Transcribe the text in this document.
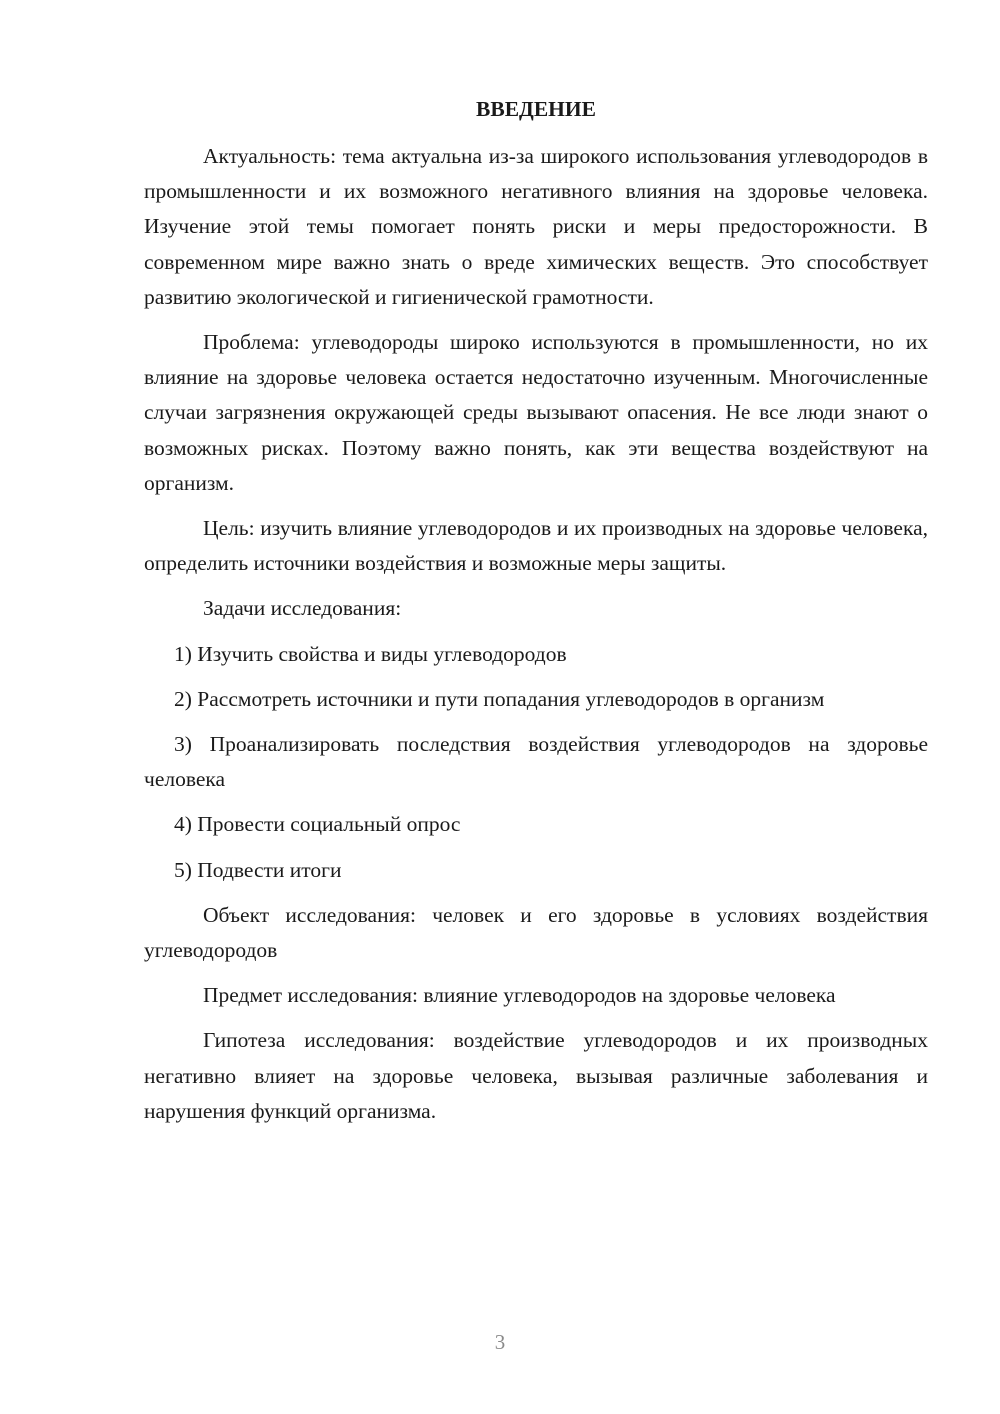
ВВЕДЕНИЕ

Актуальность: тема актуальна из-за широкого использования углеводородов в промышленности и их возможного негативного влияния на здоровье человека. Изучение этой темы помогает понять риски и меры предосторожности. В современном мире важно знать о вреде химических веществ. Это способствует развитию экологической и гигиенической грамотности.

Проблема: углеводороды широко используются в промышленности, но их влияние на здоровье человека остается недостаточно изученным. Многочисленные случаи загрязнения окружающей среды вызывают опасения. Не все люди знают о возможных рисках. Поэтому важно понять, как эти вещества воздействуют на организм.

Цель: изучить влияние углеводородов и их производных на здоровье человека, определить источники воздействия и возможные меры защиты.

Задачи исследования:

1) Изучить свойства и виды углеводородов

2) Рассмотреть источники и пути попадания углеводородов в организм

3) Проанализировать последствия воздействия углеводородов на здоровье человека

4) Провести социальный опрос

5) Подвести итоги

Объект исследования: человек и его здоровье в условиях воздействия углеводородов

Предмет исследования: влияние углеводородов на здоровье человека

Гипотеза исследования: воздействие углеводородов и их производных негативно влияет на здоровье человека, вызывая различные заболевания и нарушения функций организма.

3
